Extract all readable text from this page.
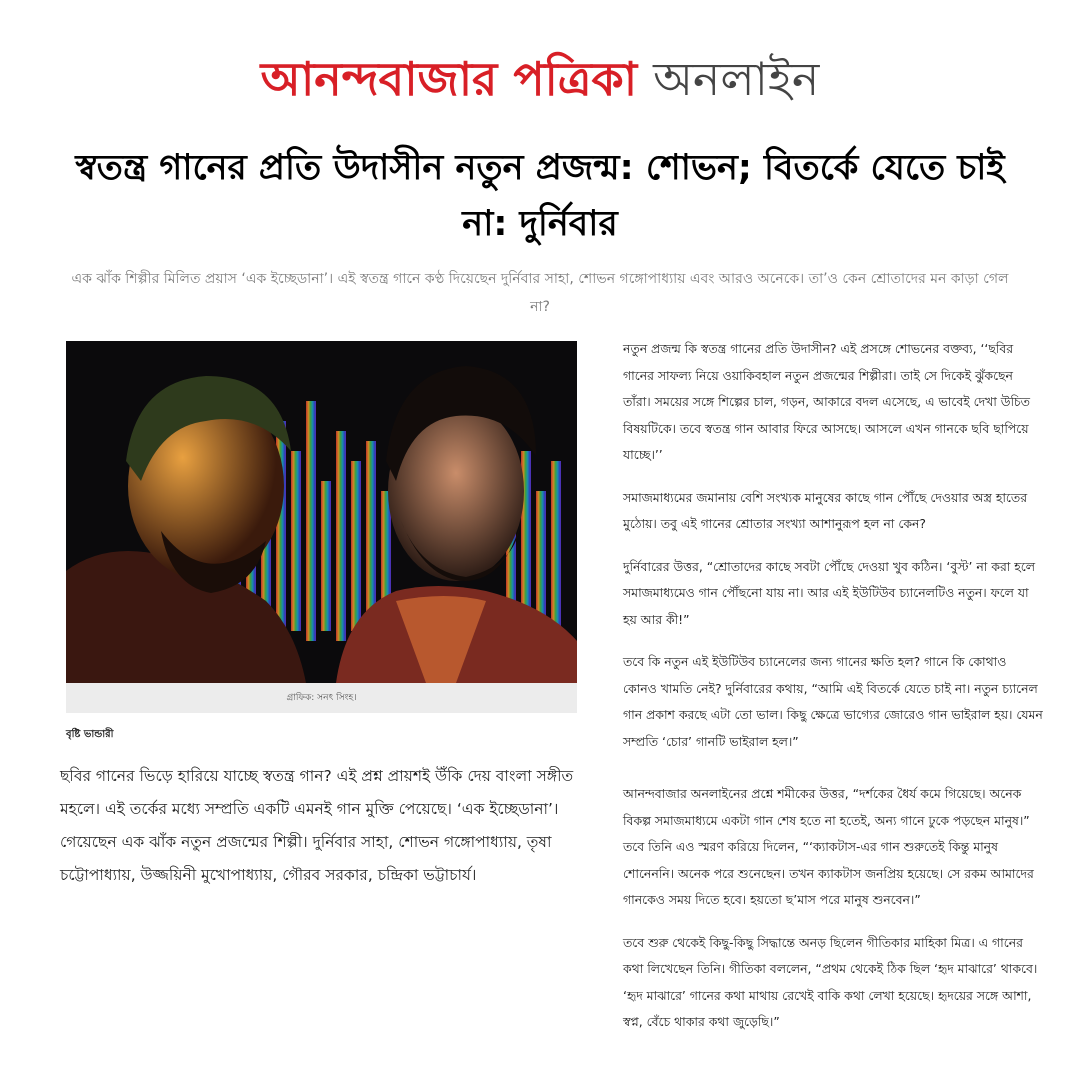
আনন্দবাজার পত্রিকা অনলাইন
স্বতন্ত্র গানের প্রতি উদাসীন নতুন প্রজন্ম: শোভন; বিতর্কে যেতে চাই না: দুর্নিবার
এক ঝাঁক শিল্পীর মিলিত প্রয়াস ‘এক ইচ্ছেডানা’। এই স্বতন্ত্র গানে কণ্ঠ দিয়েছেন দুর্নিবার সাহা, শোভন গঙ্গোপাধ্যায় এবং আরও অনেকে। তা’ও কেন শ্রোতাদের মন কাড়া গেল না?
গ্রাফিক: সনৎ সিংহ।
বৃষ্টি ভান্ডারী
ছবির গানের ভিড়ে হারিয়ে যাচ্ছে স্বতন্ত্র গান? এই প্রশ্ন প্রায়শই উঁকি দেয় বাংলা সঙ্গীত মহলে। এই তর্কের মধ্যে সম্প্রতি একটি এমনই গান মুক্তি পেয়েছে। ‘এক ইচ্ছেডানা’। গেয়েছেন এক ঝাঁক নতুন প্রজন্মের শিল্পী। দুর্নিবার সাহা, শোভন গঙ্গোপাধ্যায়, তৃষা চট্টোপাধ্যায়, উজ্জয়িনী মুখোপাধ্যায়, গৌরব সরকার, চন্দ্রিকা ভট্টাচার্য।

নতুন প্রজন্ম কি স্বতন্ত্র গানের প্রতি উদাসীন? এই প্রসঙ্গে শোভনের বক্তব্য, ‘‘ছবির গানের সাফল্য নিয়ে ওয়াকিবহাল নতুন প্রজন্মের শিল্পীরা। তাই সে দিকেই ঝুঁকছেন তাঁরা। সময়ের সঙ্গে শিল্পের চাল, গড়ন, আকারে বদল এসেছে, এ ভাবেই দেখা উচিত বিষয়টিকে। তবে স্বতন্ত্র গান আবার ফিরে আসছে। আসলে এখন গানকে ছবি ছাপিয়ে যাচ্ছে।’’

সমাজমাধ্যমের জমানায় বেশি সংখ্যক মানুষের কাছে গান পৌঁছে দেওয়ার অস্ত্র হাতের মুঠোয়। তবু এই গানের শ্রোতার সংখ্যা আশানুরূপ হল না কেন?

দুর্নিবারের উত্তর, “শ্রোতাদের কাছে সবটা পৌঁছে দেওয়া খুব কঠিন। ‘বুস্ট’ না করা হলে সমাজমাধ্যমেও গান পৌঁছনো যায় না। আর এই ইউটিউব চ্যানেলটিও নতুন। ফলে যা হয় আর কী!”

তবে কি নতুন এই ইউটিউব চ্যানেলের জন্য গানের ক্ষতি হল? গানে কি কোথাও কোনও খামতি নেই? দুর্নিবারের কথায়, “আমি এই বিতর্কে যেতে চাই না। নতুন চ্যানেল গান প্রকাশ করছে এটা তো ভাল। কিছু ক্ষেত্রে ভাগ্যের জোরেও গান ভাইরাল হয়। যেমন সম্প্রতি ‘চোর’ গানটি ভাইরাল হল।”

আনন্দবাজার অনলাইনের প্রশ্নে শমীকের উত্তর, “দর্শকের ধৈর্য কমে গিয়েছে। অনেক বিকল্প সমাজমাধ্যমে একটা গান শেষ হতে না হতেই, অন্য গানে ঢুকে পড়ছেন মানুষ।” তবে তিনি এও স্মরণ করিয়ে দিলেন, “‘ক্যাকটাস-এর গান শুরুতেই কিন্তু মানুষ শোনেননি। অনেক পরে শুনেছেন। তখন ক্যাকটাস জনপ্রিয় হয়েছে। সে রকম আমাদের গানকেও সময় দিতে হবে। হয়তো ছ’মাস পরে মানুষ শুনবেন।”

তবে শুরু থেকেই কিছু-কিছু সিদ্ধান্তে অনড় ছিলেন গীতিকার মাহিকা মিত্র। এ গানের কথা লিখেছেন তিনি। গীতিকা বললেন, “প্রথম থেকেই ঠিক ছিল ‘হৃদ মাঝারে’ থাকবে। ‘হৃদ মাঝারে’ গানের কথা মাথায় রেখেই বাকি কথা লেখা হয়েছে। হৃদয়ের সঙ্গে আশা, স্বপ্ন, বেঁচে থাকার কথা জুড়েছি।”
